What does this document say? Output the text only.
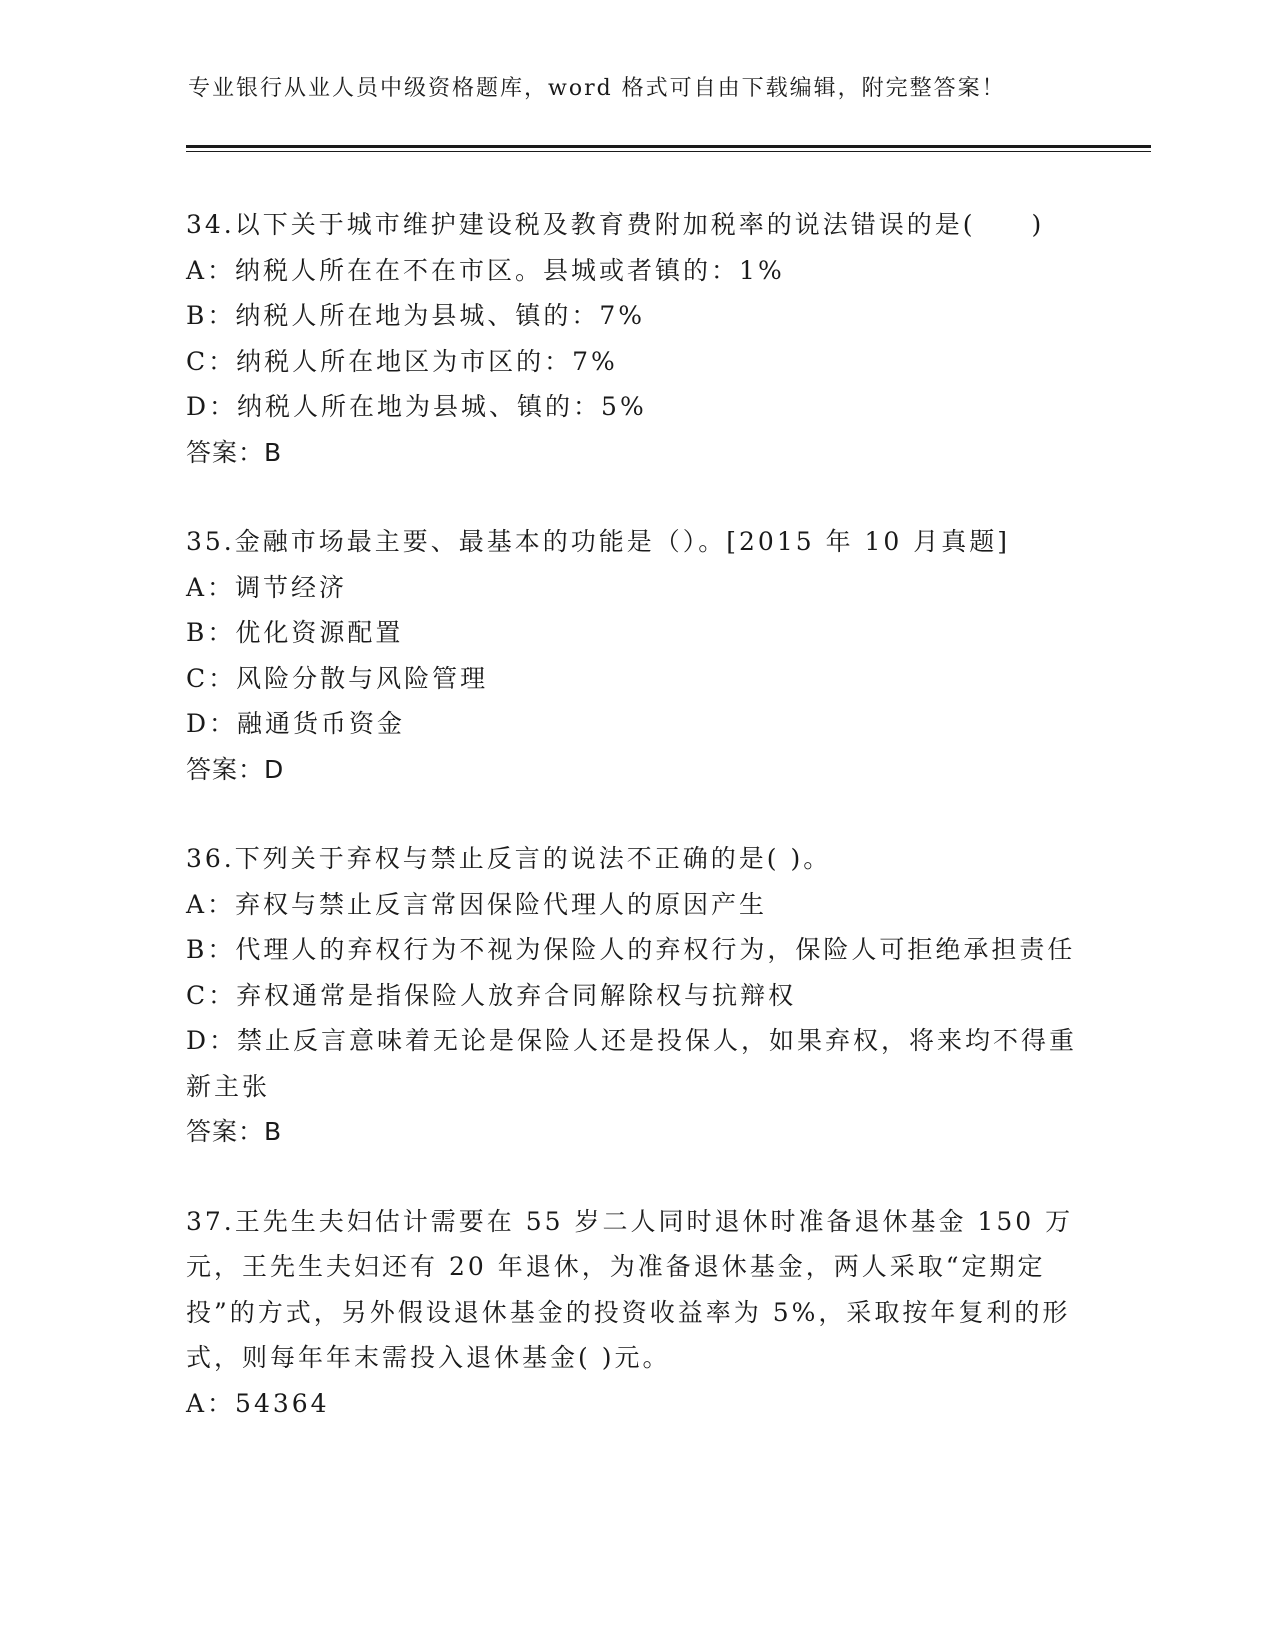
专业银行从业人员中级资格题库，word 格式可自由下载编辑，附完整答案！
34.以下关于城市维护建设税及教育费附加税率的说法错误的是(　　)
A：纳税人所在在不在市区。县城或者镇的：1%
B：纳税人所在地为县城、镇的：7%
C：纳税人所在地区为市区的：7%
D：纳税人所在地为县城、镇的：5%
答案：B
35.金融市场最主要、最基本的功能是（）。[2015 年 10 月真题]
A：调节经济
B：优化资源配置
C：风险分散与风险管理
D：融通货币资金
答案：D
36.下列关于弃权与禁止反言的说法不正确的是( )。
A：弃权与禁止反言常因保险代理人的原因产生
B：代理人的弃权行为不视为保险人的弃权行为，保险人可拒绝承担责任
C：弃权通常是指保险人放弃合同解除权与抗辩权
D：禁止反言意味着无论是保险人还是投保人，如果弃权，将来均不得重新主张
答案：B
37.王先生夫妇估计需要在 55 岁二人同时退休时准备退休基金 150 万元，王先生夫妇还有 20 年退休，为准备退休基金，两人采取“定期定投”的方式，另外假设退休基金的投资收益率为 5%，采取按年复利的形式，则每年年末需投入退休基金( )元。
A：54364
